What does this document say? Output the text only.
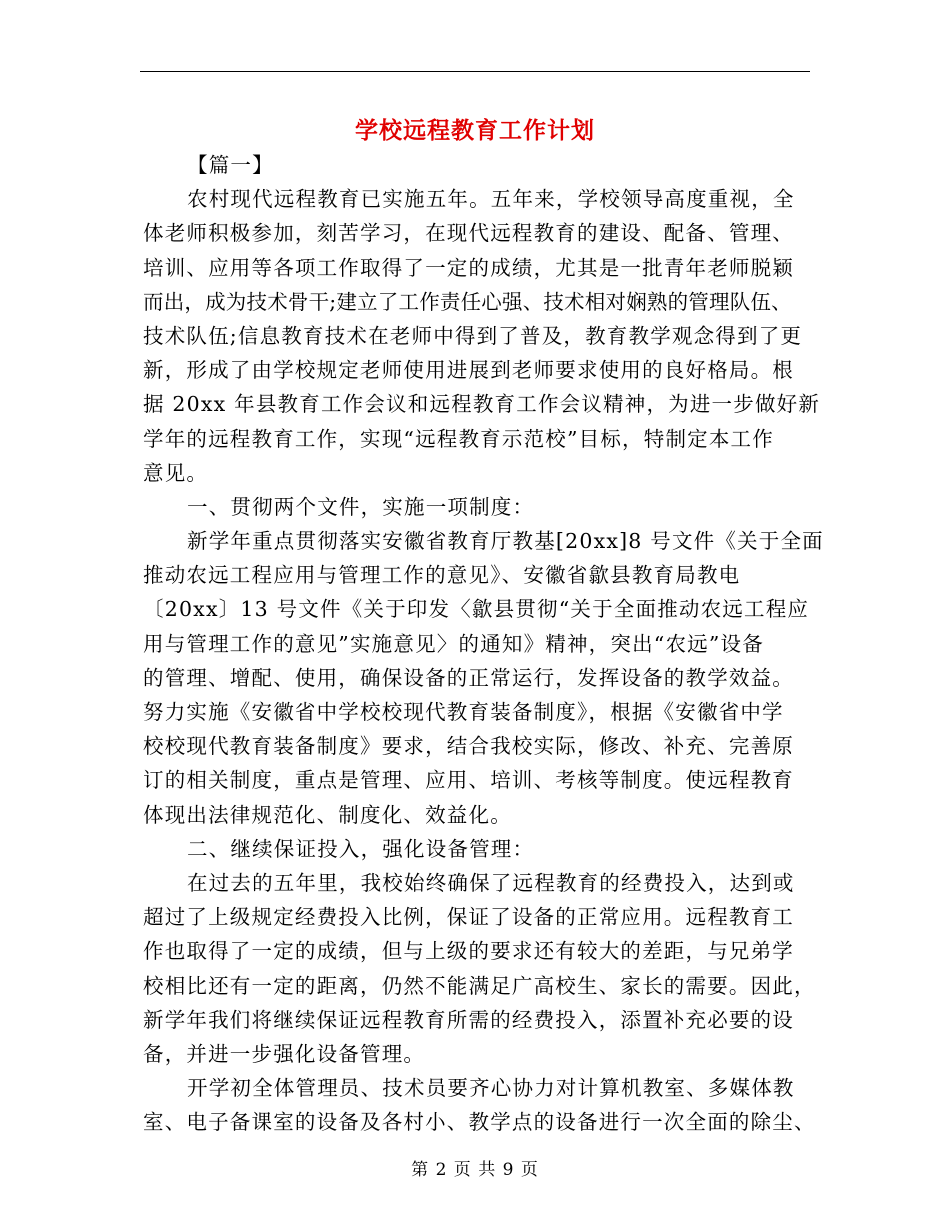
学校远程教育工作计划
【篇一】
农村现代远程教育已实施五年。五年来，学校领导高度重视，全
体老师积极参加，刻苦学习，在现代远程教育的建设、配备、管理、
培训、应用等各项工作取得了一定的成绩，尤其是一批青年老师脱颖
而出，成为技术骨干;建立了工作责任心强、技术相对娴熟的管理队伍、
技术队伍;信息教育技术在老师中得到了普及，教育教学观念得到了更
新，形成了由学校规定老师使用进展到老师要求使用的良好格局。根
据 20xx 年县教育工作会议和远程教育工作会议精神，为进一步做好新
学年的远程教育工作，实现“远程教育示范校”目标，特制定本工作
意见。
一、贯彻两个文件，实施一项制度：
新学年重点贯彻落实安徽省教育厅教基[20xx]8 号文件《关于全面
推动农远工程应用与管理工作的意见》、安徽省歙县教育局教电
〔20xx〕13 号文件《关于印发〈歙县贯彻“关于全面推动农远工程应
用与管理工作的意见”实施意见〉的通知》精神，突出“农远”设备
的管理、增配、使用，确保设备的正常运行，发挥设备的教学效益。
努力实施《安徽省中学校校现代教育装备制度》，根据《安徽省中学
校校现代教育装备制度》要求，结合我校实际，修改、补充、完善原
订的相关制度，重点是管理、应用、培训、考核等制度。使远程教育
体现出法律规范化、制度化、效益化。
二、继续保证投入，强化设备管理：
在过去的五年里，我校始终确保了远程教育的经费投入，达到或
超过了上级规定经费投入比例，保证了设备的正常应用。远程教育工
作也取得了一定的成绩，但与上级的要求还有较大的差距，与兄弟学
校相比还有一定的距离，仍然不能满足广高校生、家长的需要。因此，
新学年我们将继续保证远程教育所需的经费投入，添置补充必要的设
备，并进一步强化设备管理。
开学初全体管理员、技术员要齐心协力对计算机教室、多媒体教
室、电子备课室的设备及各村小、教学点的设备进行一次全面的除尘、
第 2 页 共 9 页
